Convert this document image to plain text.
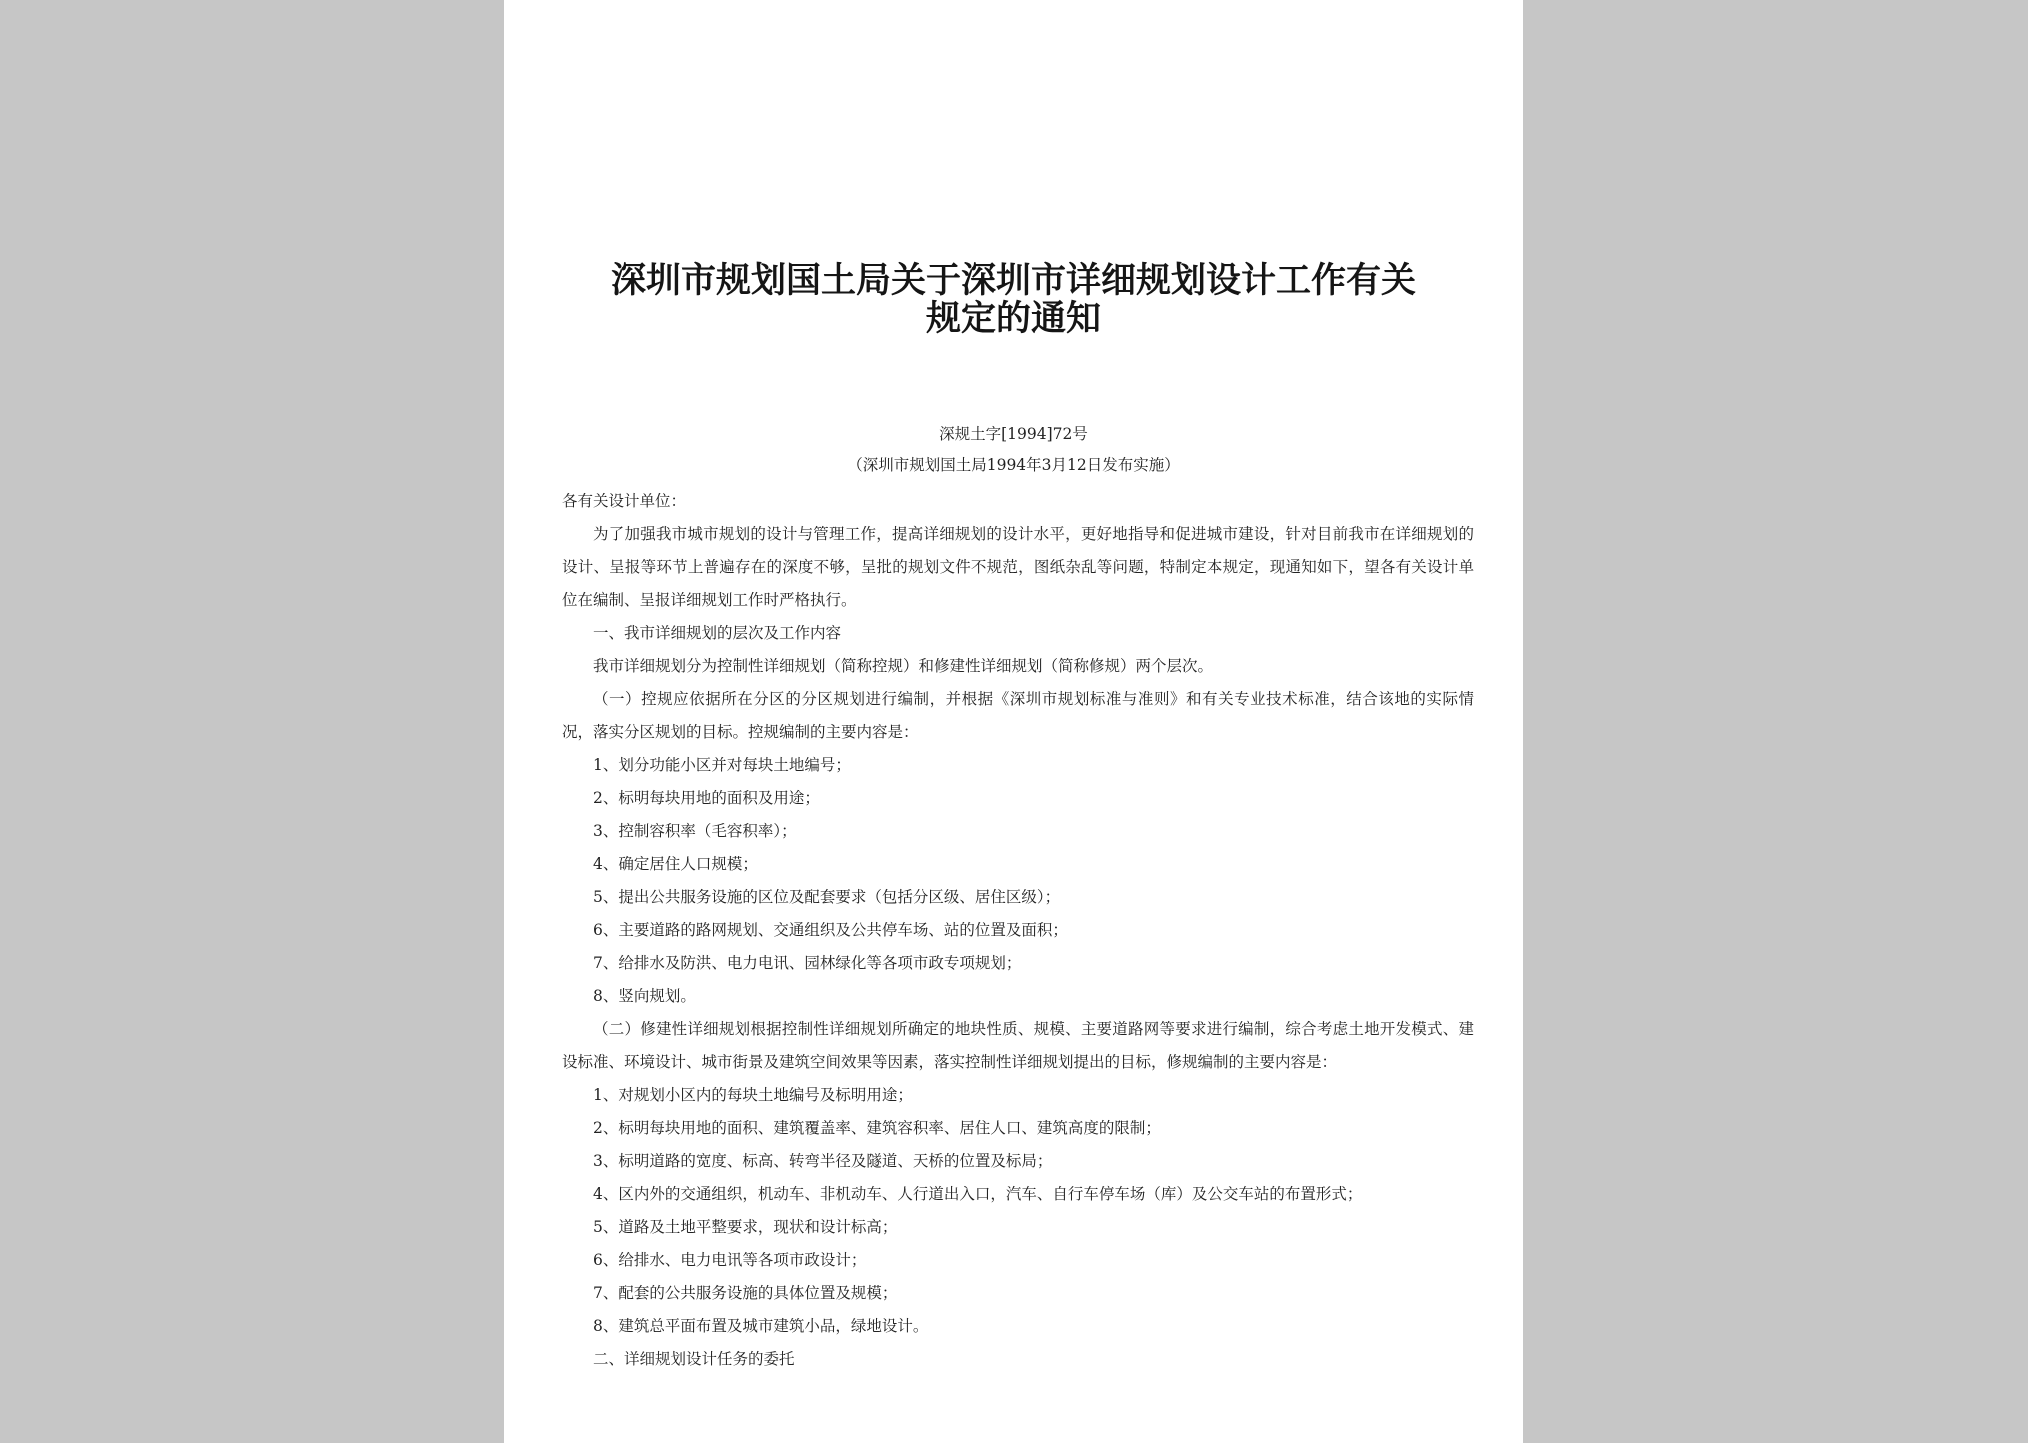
深圳市规划国土局关于深圳市详细规划设计工作有关
规定的通知
深规土字[1994]72号
（深圳市规划国土局1994年3月12日发布实施）

各有关设计单位：

为了加强我市城市规划的设计与管理工作，提高详细规划的设计水平，更好地指导和促进城市建设，针对目前我市在详细规划的设计、呈报等环节上普遍存在的深度不够，呈批的规划文件不规范，图纸杂乱等问题，特制定本规定，现通知如下，望各有关设计单位在编制、呈报详细规划工作时严格执行。

一、我市详细规划的层次及工作内容

我市详细规划分为控制性详细规划（简称控规）和修建性详细规划（简称修规）两个层次。

（一）控规应依据所在分区的分区规划进行编制，并根据《深圳市规划标准与准则》和有关专业技术标准，结合该地的实际情况，落实分区规划的目标。控规编制的主要内容是：

1、划分功能小区并对每块土地编号；

2、标明每块用地的面积及用途；

3、控制容积率（毛容积率）；

4、确定居住人口规模；

5、提出公共服务设施的区位及配套要求（包括分区级、居住区级）；

6、主要道路的路网规划、交通组织及公共停车场、站的位置及面积；

7、给排水及防洪、电力电讯、园林绿化等各项市政专项规划；

8、竖向规划。

（二）修建性详细规划根据控制性详细规划所确定的地块性质、规模、主要道路网等要求进行编制，综合考虑土地开发模式、建设标准、环境设计、城市街景及建筑空间效果等因素，落实控制性详细规划提出的目标，修规编制的主要内容是：

1、对规划小区内的每块土地编号及标明用途；

2、标明每块用地的面积、建筑覆盖率、建筑容积率、居住人口、建筑高度的限制；

3、标明道路的宽度、标高、转弯半径及隧道、天桥的位置及标局；

4、区内外的交通组织，机动车、非机动车、人行道出入口，汽车、自行车停车场（库）及公交车站的布置形式；

5、道路及土地平整要求，现状和设计标高；

6、给排水、电力电讯等各项市政设计；

7、配套的公共服务设施的具体位置及规模；

8、建筑总平面布置及城市建筑小品，绿地设计。

二、详细规划设计任务的委托
